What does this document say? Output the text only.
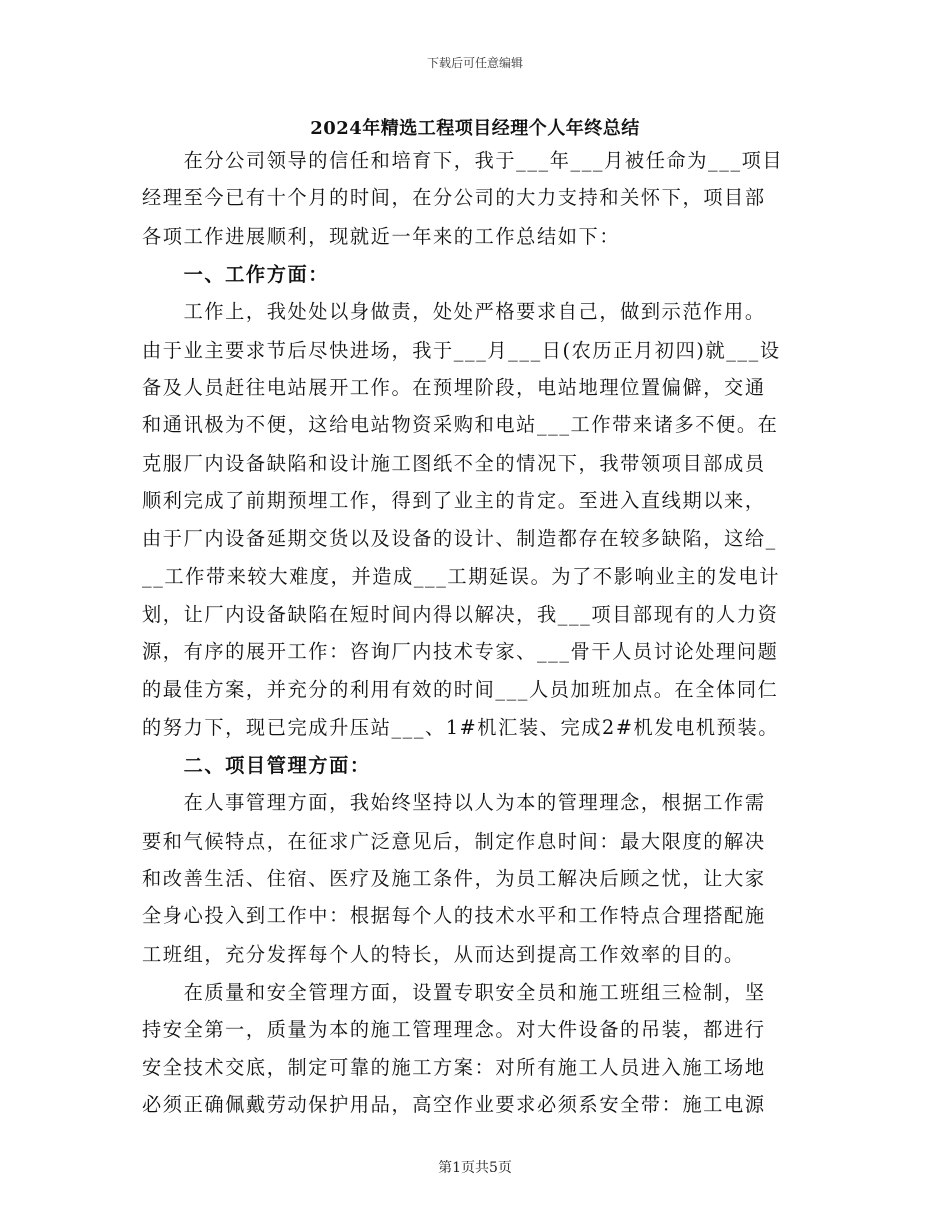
下载后可任意编辑
2024年精选工程项目经理个人年终总结
　　在分公司领导的信任和培育下，我于___年___月被任命为___项目
经理至今已有十个月的时间，在分公司的大力支持和关怀下，项目部
各项工作进展顺利，现就近一年来的工作总结如下：
　　一、工作方面：
　　工作上，我处处以身做责，处处严格要求自己，做到示范作用。
由于业主要求节后尽快进场，我于___月___日(农历正月初四)就___设
备及人员赶往电站展开工作。在预埋阶段，电站地理位置偏僻，交通
和通讯极为不便，这给电站物资采购和电站___工作带来诸多不便。在
克服厂内设备缺陷和设计施工图纸不全的情况下，我带领项目部成员
顺利完成了前期预埋工作，得到了业主的肯定。至进入直线期以来，
由于厂内设备延期交货以及设备的设计、制造都存在较多缺陷，这给_
__工作带来较大难度，并造成___工期延误。为了不影响业主的发电计
划，让厂内设备缺陷在短时间内得以解决，我___项目部现有的人力资
源，有序的展开工作：咨询厂内技术专家、___骨干人员讨论处理问题
的最佳方案，并充分的利用有效的时间___人员加班加点。在全体同仁
的努力下，现已完成升压站___、1#机汇装、完成2#机发电机预装。
　　二、项目管理方面：
　　在人事管理方面，我始终坚持以人为本的管理理念，根据工作需
要和气候特点，在征求广泛意见后，制定作息时间：最大限度的解决
和改善生活、住宿、医疗及施工条件，为员工解决后顾之忧，让大家
全身心投入到工作中：根据每个人的技术水平和工作特点合理搭配施
工班组，充分发挥每个人的特长，从而达到提高工作效率的目的。
　　在质量和安全管理方面，设置专职安全员和施工班组三检制，坚
持安全第一，质量为本的施工管理理念。对大件设备的吊装，都进行
安全技术交底，制定可靠的施工方案：对所有施工人员进入施工场地
必须正确佩戴劳动保护用品，高空作业要求必须系安全带：施工电源
第1页共5页
